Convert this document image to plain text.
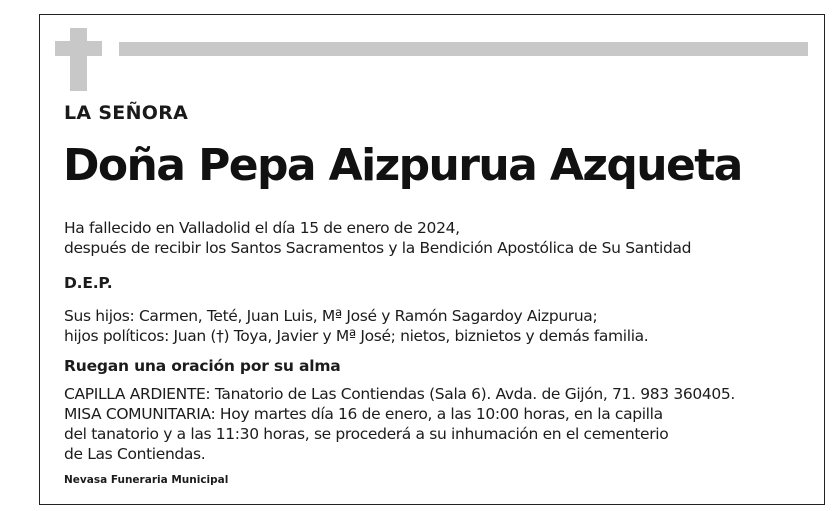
LA SEÑORA
Doña Pepa Aizpurua Azqueta
Ha fallecido en Valladolid el día 15 de enero de 2024,
después de recibir los Santos Sacramentos y la Bendición Apostólica de Su Santidad
D.E.P.
Sus hijos: Carmen, Teté, Juan Luis, Mª José y Ramón Sagardoy Aizpurua;
hijos políticos: Juan (†) Toya, Javier y Mª José; nietos, biznietos y demás familia.
Ruegan una oración por su alma
CAPILLA ARDIENTE: Tanatorio de Las Contiendas (Sala 6). Avda. de Gijón, 71. 983 360405.
MISA COMUNITARIA: Hoy martes día 16 de enero, a las 10:00 horas, en la capilla
del tanatorio y a las 11:30 horas, se procederá a su inhumación en el cementerio
de Las Contiendas.
Nevasa Funeraria Municipal
